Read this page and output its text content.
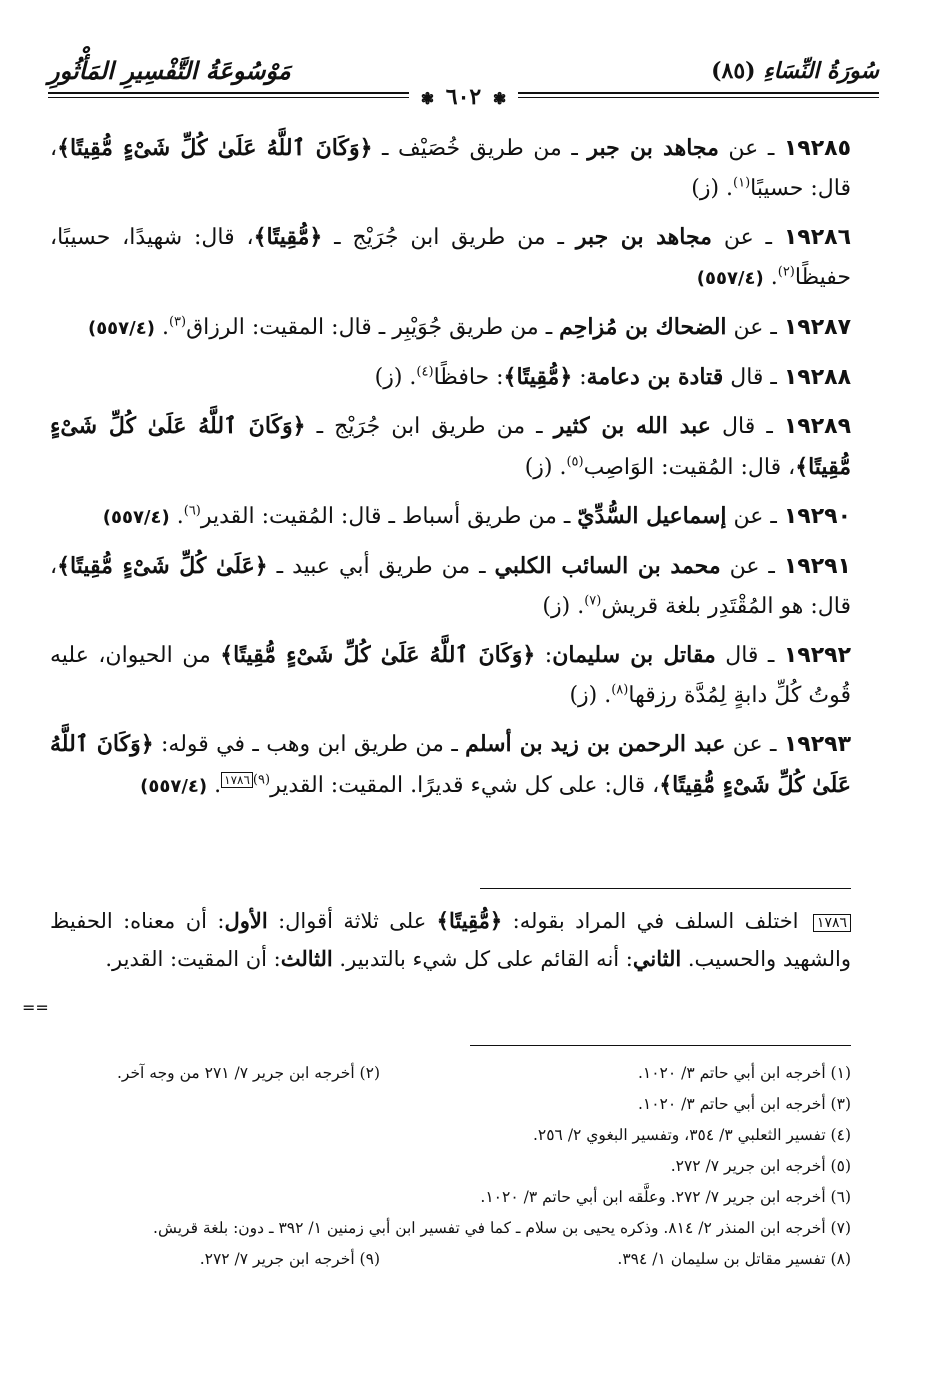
سُورَةُ النِّسَاءِ (٨٥)
مَوْسُوعَةُ التَّفْسِيرِ المَأْثُورِ
❃ ٦٠٢ ❃

١٩٢٨٥ ـ عن مجاهد بن جبر ـ من طريق خُصَيْف ـ ﴿وَكَانَ ٱللَّهُ عَلَىٰ كُلِّ شَىْءٍ مُّقِيتًا﴾، قال: حسيبًا$^{(١)}$. (ز)

١٩٢٨٦ ـ عن مجاهد بن جبر ـ من طريق ابن جُرَيْج ـ ﴿مُّقِيتًا﴾، قال: شهيدًا، حسيبًا، حفيظًا$^{(٢)}$. (٥٥٧/٤)

١٩٢٨٧ ـ عن الضحاك بن مُزاحِم ـ من طريق جُوَيْبِر ـ قال: المقيت: الرزاق$^{(٣)}$. (٥٥٧/٤)

١٩٢٨٨ ـ قال قتادة بن دعامة: ﴿مُّقِيتًا﴾: حافظًا$^{(٤)}$. (ز)

١٩٢٨٩ ـ قال عبد الله بن كثير ـ من طريق ابن جُرَيْج ـ ﴿وَكَانَ ٱللَّهُ عَلَىٰ كُلِّ شَىْءٍ مُّقِيتًا﴾، قال: المُقيت: الوَاصِب$^{(٥)}$. (ز)

١٩٢٩٠ ـ عن إسماعيل السُّدِّيّ ـ من طريق أسباط ـ قال: المُقيت: القدير$^{(٦)}$. (٥٥٧/٤)

١٩٢٩١ ـ عن محمد بن السائب الكلبي ـ من طريق أبي عبيد ـ ﴿عَلَىٰ كُلِّ شَىْءٍ مُّقِيتًا﴾، قال: هو المُقْتَدِر بلغة قريش$^{(٧)}$. (ز)

١٩٢٩٢ ـ قال مقاتل بن سليمان: ﴿وَكَانَ ٱللَّهُ عَلَىٰ كُلِّ شَىْءٍ مُّقِيتًا﴾ من الحيوان، عليه قُوتُ كُلِّ دابةٍ لِمُدَّة رزقها$^{(٨)}$. (ز)

١٩٢٩٣ ـ عن عبد الرحمن بن زيد بن أسلم ـ من طريق ابن وهب ـ في قوله: ﴿وَكَانَ ٱللَّهُ عَلَىٰ كُلِّ شَىْءٍ مُّقِيتًا﴾، قال: على كل شيء قديرًا. المقيت: القدير$^{(٩)}$١٧٨٦. (٥٥٧/٤)

١٧٨٦ اختلف السلف في المراد بقوله: ﴿مُّقِيتًا﴾ على ثلاثة أقوال: الأول: أن معناه: الحفيظ والشهيد والحسيب. الثاني: أنه القائم على كل شيء بالتدبير. الثالث: أن المقيت: القدير.
==
(١) أخرجه ابن أبي حاتم ٣/ ١٠٢٠.
(٢) أخرجه ابن جرير ٧/ ٢٧١ من وجه آخر.
(٣) أخرجه ابن أبي حاتم ٣/ ١٠٢٠.
(٤) تفسير الثعلبي ٣/ ٣٥٤، وتفسير البغوي ٢/ ٢٥٦.
(٥) أخرجه ابن جرير ٧/ ٢٧٢.
(٦) أخرجه ابن جرير ٧/ ٢٧٢. وعلَّقه ابن أبي حاتم ٣/ ١٠٢٠.
(٧) أخرجه ابن المنذر ٢/ ٨١٤. وذكره يحيى بن سلام ـ كما في تفسير ابن أبي زمنين ١/ ٣٩٢ ـ دون: بلغة قريش.
(٨) تفسير مقاتل بن سليمان ١/ ٣٩٤.
(٩) أخرجه ابن جرير ٧/ ٢٧٢.
